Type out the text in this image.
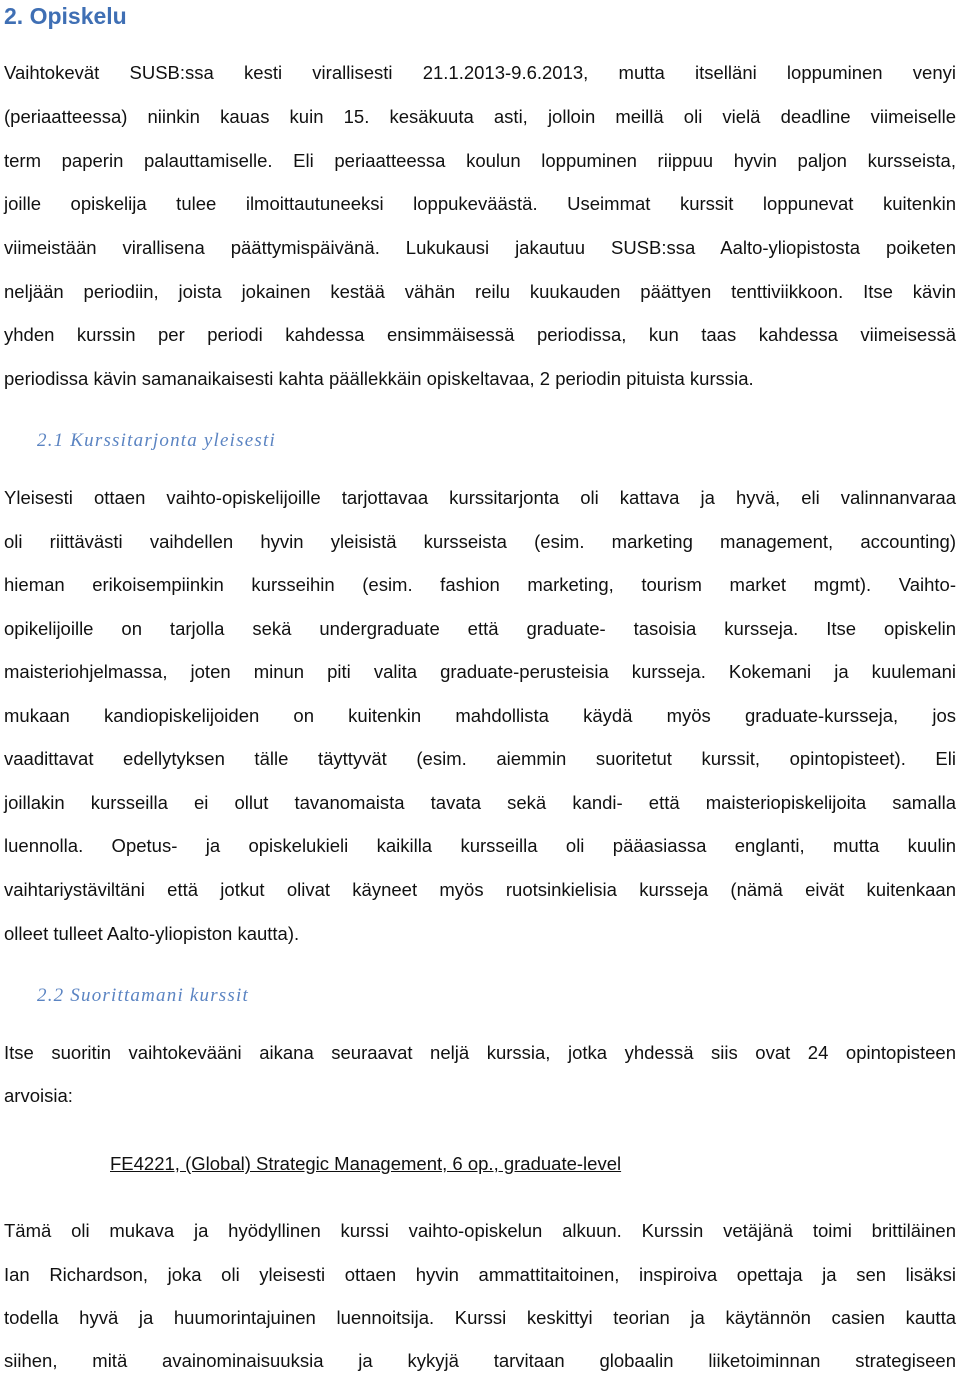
2. Opiskelu
Vaihtokevät SUSB:ssa kesti virallisesti 21.1.2013-9.6.2013, mutta itselläni loppuminen venyi
(periaatteessa) niinkin kauas kuin 15. kesäkuuta asti, jolloin meillä oli vielä deadline viimeiselle
term paperin palauttamiselle. Eli periaatteessa koulun loppuminen riippuu hyvin paljon kursseista,
joille opiskelija tulee ilmoittautuneeksi loppukeväästä. Useimmat kurssit loppunevat kuitenkin
viimeistään virallisena päättymispäivänä. Lukukausi jakautuu SUSB:ssa Aalto-yliopistosta poiketen
neljään periodiin, joista jokainen kestää vähän reilu kuukauden päättyen tenttiviikkoon. Itse kävin
yhden kurssin per periodi kahdessa ensimmäisessä periodissa, kun taas kahdessa viimeisessä
periodissa kävin samanaikaisesti kahta päällekkäin opiskeltavaa, 2 periodin pituista kurssia.
2.1 Kurssitarjonta yleisesti
Yleisesti ottaen vaihto-opiskelijoille tarjottavaa kurssitarjonta oli kattava ja hyvä, eli valinnanvaraa
oli riittävästi vaihdellen hyvin yleisistä kursseista (esim. marketing management, accounting)
hieman erikoisempiinkin kursseihin (esim. fashion marketing, tourism market mgmt). Vaihto-
opikelijoille on tarjolla sekä undergraduate että graduate- tasoisia kursseja. Itse opiskelin
maisteriohjelmassa, joten minun piti valita graduate-perusteisia kursseja. Kokemani ja kuulemani
mukaan kandiopiskelijoiden on kuitenkin mahdollista käydä myös graduate-kursseja, jos
vaadittavat edellytyksen tälle täyttyvät (esim. aiemmin suoritetut kurssit, opintopisteet). Eli
joillakin kursseilla ei ollut tavanomaista tavata sekä kandi- että maisteriopiskelijoita samalla
luennolla. Opetus- ja opiskelukieli kaikilla kursseilla oli pääasiassa englanti, mutta kuulin
vaihtariystäviltäni että jotkut olivat käyneet myös ruotsinkielisia kursseja (nämä eivät kuitenkaan
olleet tulleet Aalto-yliopiston kautta).
2.2 Suorittamani kurssit
Itse suoritin vaihtokeväänі aikana seuraavat neljä kurssia, jotka yhdessä siis ovat 24 opintopisteen
arvoisia:
FE4221, (Global) Strategic Management, 6 op., graduate-level
Tämä oli mukava ja hyödyllinen kurssi vaihto-opiskelun alkuun. Kurssin vetäjänä toimi brittiläinen
Ian Richardson, joka oli yleisesti ottaen hyvin ammattitaitoinen, inspiroiva opettaja ja sen lisäksi
todella hyvä ja huumorintajuinen luennoitsija. Kurssi keskittyi teorian ja käytännön casien kautta
siihen, mitä avainominaisuuksia ja kykyjä tarvitaan globaalin liiketoiminnan strategiseen
